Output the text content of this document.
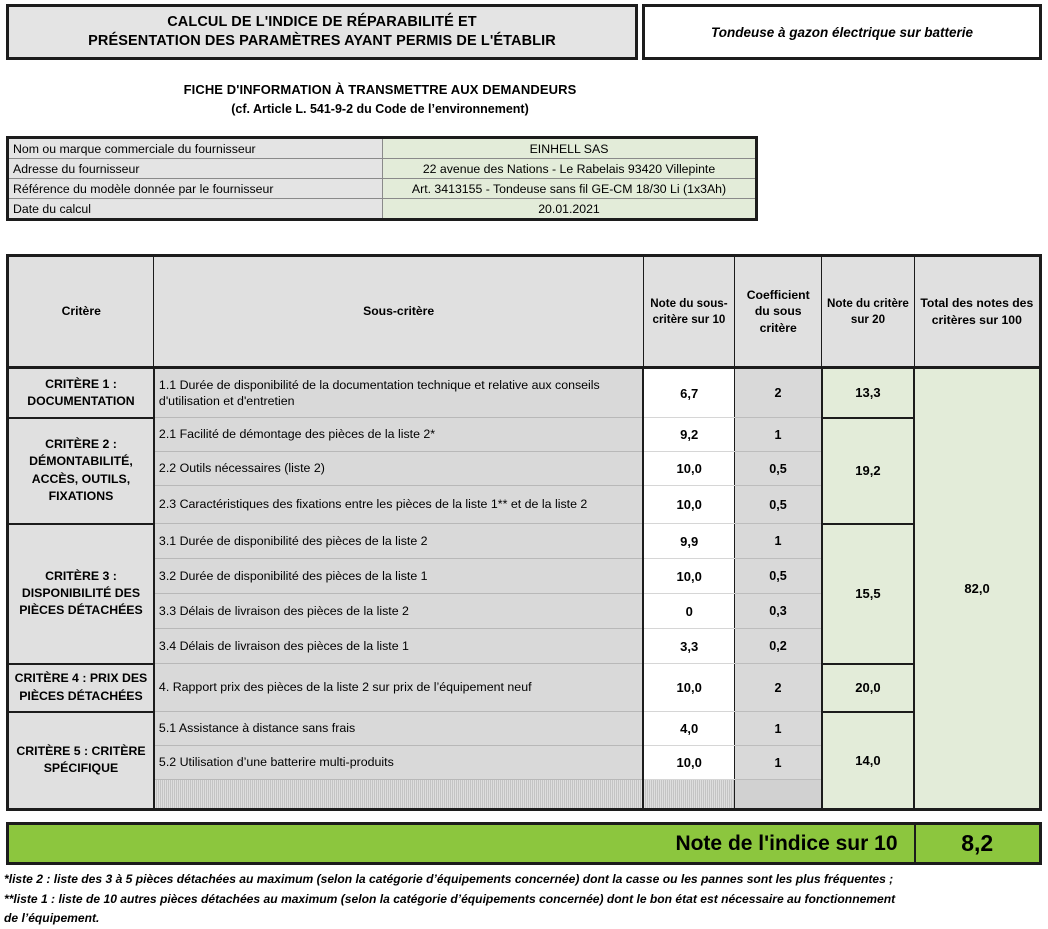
CALCUL DE L'INDICE DE RÉPARABILITÉ ET
PRÉSENTATION DES PARAMÈTRES AYANT PERMIS DE L'ÉTABLIR
Tondeuse à gazon électrique sur batterie
FICHE D'INFORMATION À TRANSMETTRE AUX DEMANDEURS
(cf. Article L. 541-9-2 du Code de l’environnement)
Nom ou marque commerciale du fournisseur	EINHELL SAS
Adresse du fournisseur	22 avenue des Nations - Le Rabelais 93420 Villepinte
Référence du modèle donnée par le fournisseur	Art. 3413155 - Tondeuse sans fil GE-CM 18/30 Li (1x3Ah)
Date du calcul	20.01.2021
Critère	Sous-critère	Note du sous-critère sur 10	Coefficient du sous critère	Note du critère sur 20	Total des notes des critères sur 100
CRITÈRE 1 : DOCUMENTATION	1.1 Durée de disponibilité de la documentation technique et relative aux conseils d'utilisation et d'entretien	6,7	2	13,3	82,0
CRITÈRE 2 : DÉMONTABILITÉ, ACCÈS, OUTILS, FIXATIONS	2.1 Facilité de démontage des pièces de la liste 2*	9,2	1	19,2	
	2.2 Outils nécessaires (liste 2)	10,0	0,5		
	2.3 Caractéristiques des fixations entre les pièces de la liste 1** et de la liste 2	10,0	0,5		
CRITÈRE 3 : DISPONIBILITÉ DES PIÈCES DÉTACHÉES	3.1 Durée de disponibilité des pièces de la liste 2	9,9	1	15,5	
	3.2 Durée de disponibilité des pièces de la liste 1	10,0	0,5		
	3.3 Délais de livraison des pièces de la liste 2	0	0,3		
	3.4 Délais de livraison des pièces de la liste 1	3,3	0,2		
CRITÈRE 4 : PRIX DES PIÈCES DÉTACHÉES	4. Rapport prix des pièces de la liste 2 sur prix de l’équipement neuf	10,0	2	20,0	
CRITÈRE 5 : CRITÈRE SPÉCIFIQUE	5.1 Assistance à distance sans frais	4,0	1	14,0	
	5.2 Utilisation d’une batterire multi-produits	10,0	1		

Note de l'indice sur 10	8,2

*liste 2 : liste des 3 à 5 pièces détachées au maximum (selon la catégorie d’équipements concernée) dont la casse ou les pannes sont les plus fréquentes ;

**liste 1 : liste de 10 autres pièces détachées au maximum (selon la catégorie d’équipements concernée) dont le bon état est nécessaire au fonctionnement

de l’équipement.
